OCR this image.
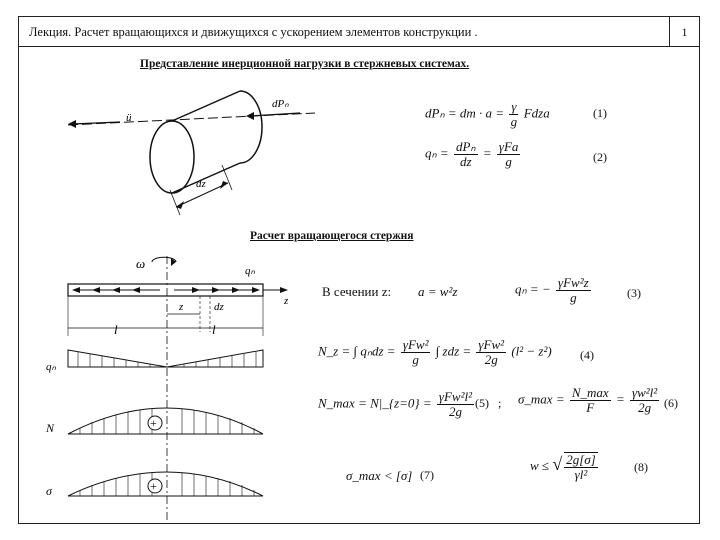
Лекция. Расчет вращающихся и движущихся с ускорением элементов конструкции .	1
Представление инерционной нагрузки в стержневых системах.
ü
dPₙ
dz
dPₙ = dm · $a = \frac{\gamma}{g}$ Fdza	(1)
$q_n = \frac{\text{dPₙ}}{dz} = \frac{\text{γFa}}{g}$	(2)
Расчет вращающегося стержня
ω	qₙ
z
z	dz
l	l
qₙ
+
N
+
σ
В сечении z: a = w²z	qₙ = − $\frac{\text{γFw²z}}{g}$	(3)
N_z = ∫ $q_ndz = \frac{\text{γFw²}}{g}$ ∫ zdz = $\frac{\text{γFw²}}{2g} (l^2 - z^2)$ (4)
N_max = N|_{z=0} = $\frac{\text{γFw²l²}}{2g} (5)$ ; σ_max = $\frac{N\_\max}{F} = \frac{\text{γw²l²}}{2g} (6)$
σ_max < [σ] (7)
w ≤ √ $\frac{2g[\sigma]}{\text{γl²}}$	(8)
